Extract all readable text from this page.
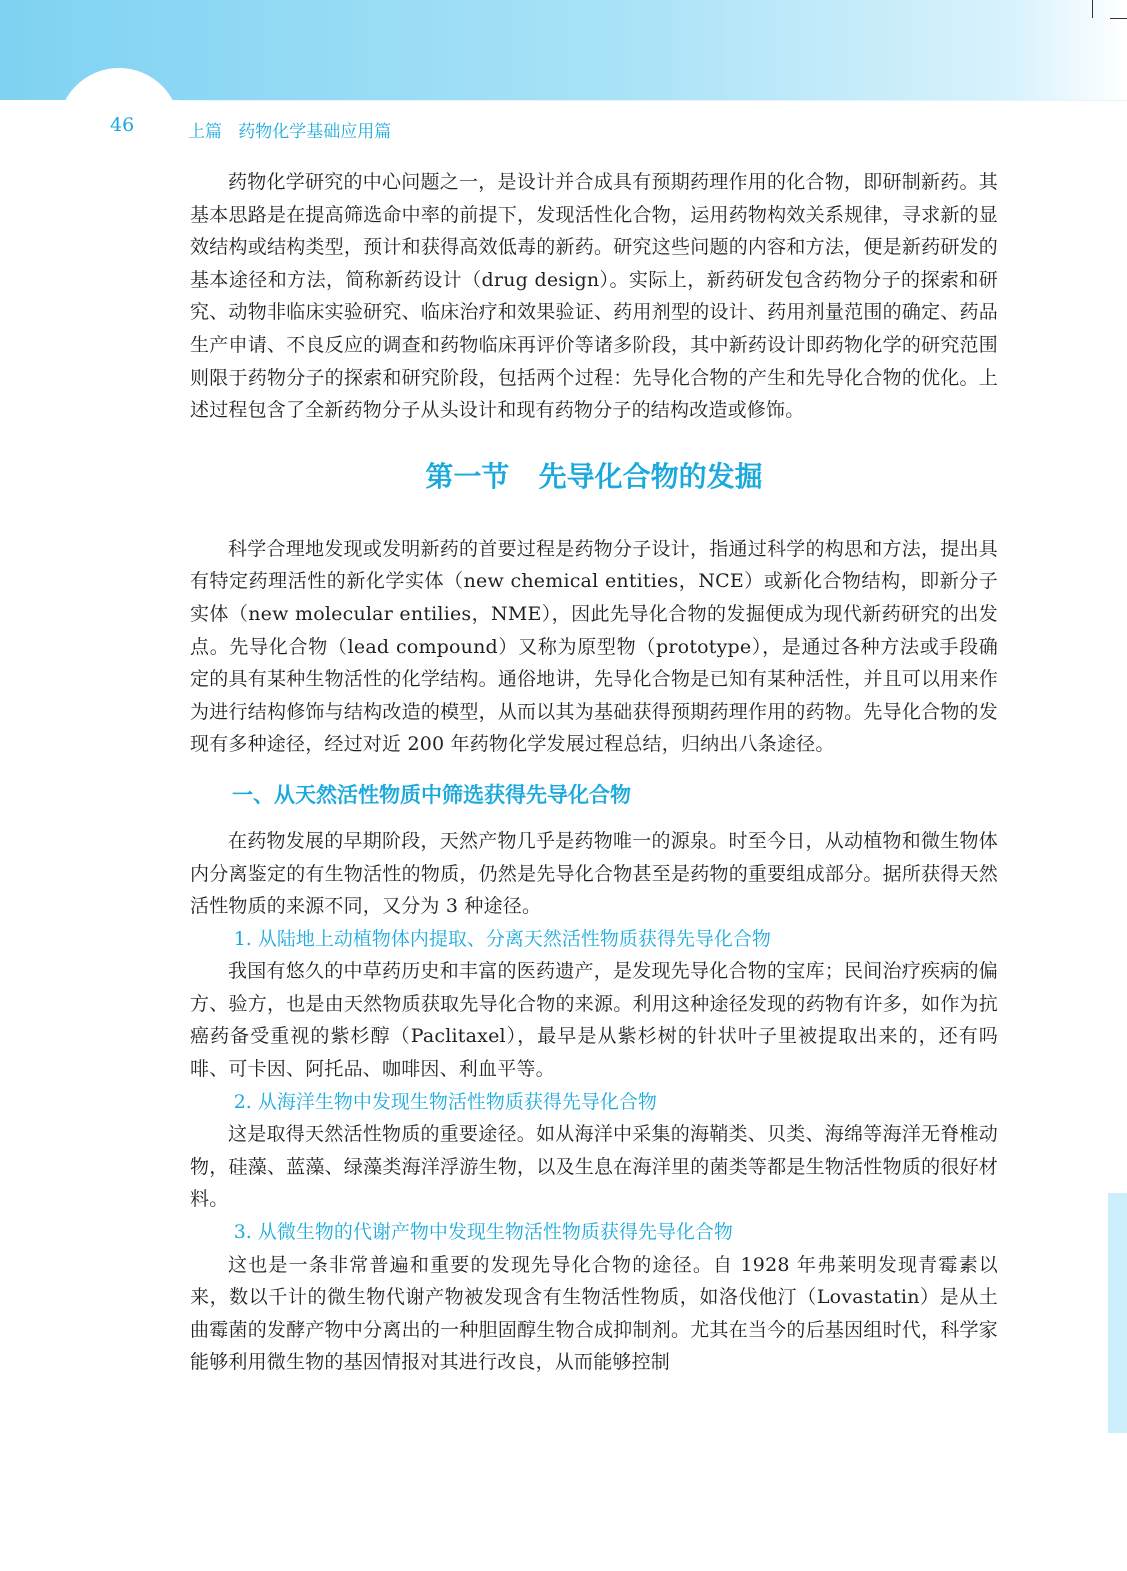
46	上篇   药物化学基础应用篇

药物化学研究的中心问题之一，是设计并合成具有预期药理作用的化合物，即研制新药。其基本思路是在提高筛选命中率的前提下，发现活性化合物，运用药物构效关系规律，寻求新的显效结构或结构类型，预计和获得高效低毒的新药。研究这些问题的内容和方法，便是新药研发的基本途径和方法，简称新药设计（drug design）。实际上，新药研发包含药物分子的探索和研究、动物非临床实验研究、临床治疗和效果验证、药用剂型的设计、药用剂量范围的确定、药品生产申请、不良反应的调查和药物临床再评价等诸多阶段，其中新药设计即药物化学的研究范围则限于药物分子的探索和研究阶段，包括两个过程：先导化合物的产生和先导化合物的优化。上述过程包含了全新药物分子从头设计和现有药物分子的结构改造或修饰。

第一节   先导化合物的发掘

科学合理地发现或发明新药的首要过程是药物分子设计，指通过科学的构思和方法，提出具有特定药理活性的新化学实体（new chemical entities，NCE）或新化合物结构，即新分子实体（new molecular entilies，NME），因此先导化合物的发掘便成为现代新药研究的出发点。先导化合物（lead compound）又称为原型物（prototype），是通过各种方法或手段确定的具有某种生物活性的化学结构。通俗地讲，先导化合物是已知有某种活性，并且可以用来作为进行结构修饰与结构改造的模型，从而以其为基础获得预期药理作用的药物。先导化合物的发现有多种途径，经过对近 200 年药物化学发展过程总结，归纳出八条途径。

一、从天然活性物质中筛选获得先导化合物

在药物发展的早期阶段，天然产物几乎是药物唯一的源泉。时至今日，从动植物和微生物体内分离鉴定的有生物活性的物质，仍然是先导化合物甚至是药物的重要组成部分。据所获得天然活性物质的来源不同，又分为 3 种途径。

1. 从陆地上动植物体内提取、分离天然活性物质获得先导化合物

我国有悠久的中草药历史和丰富的医药遗产，是发现先导化合物的宝库；民间治疗疾病的偏方、验方，也是由天然物质获取先导化合物的来源。利用这种途径发现的药物有许多，如作为抗癌药备受重视的紫杉醇（Paclitaxel），最早是从紫杉树的针状叶子里被提取出来的，还有吗啡、可卡因、阿托品、咖啡因、利血平等。

2. 从海洋生物中发现生物活性物质获得先导化合物

这是取得天然活性物质的重要途径。如从海洋中采集的海鞘类、贝类、海绵等海洋无脊椎动物，硅藻、蓝藻、绿藻类海洋浮游生物，以及生息在海洋里的菌类等都是生物活性物质的很好材料。

3. 从微生物的代谢产物中发现生物活性物质获得先导化合物

这也是一条非常普遍和重要的发现先导化合物的途径。自 1928 年弗莱明发现青霉素以来，数以千计的微生物代谢产物被发现含有生物活性物质，如洛伐他汀（Lovastatin）是从土曲霉菌的发酵产物中分离出的一种胆固醇生物合成抑制剂。尤其在当今的后基因组时代，科学家能够利用微生物的基因情报对其进行改良，从而能够控制
